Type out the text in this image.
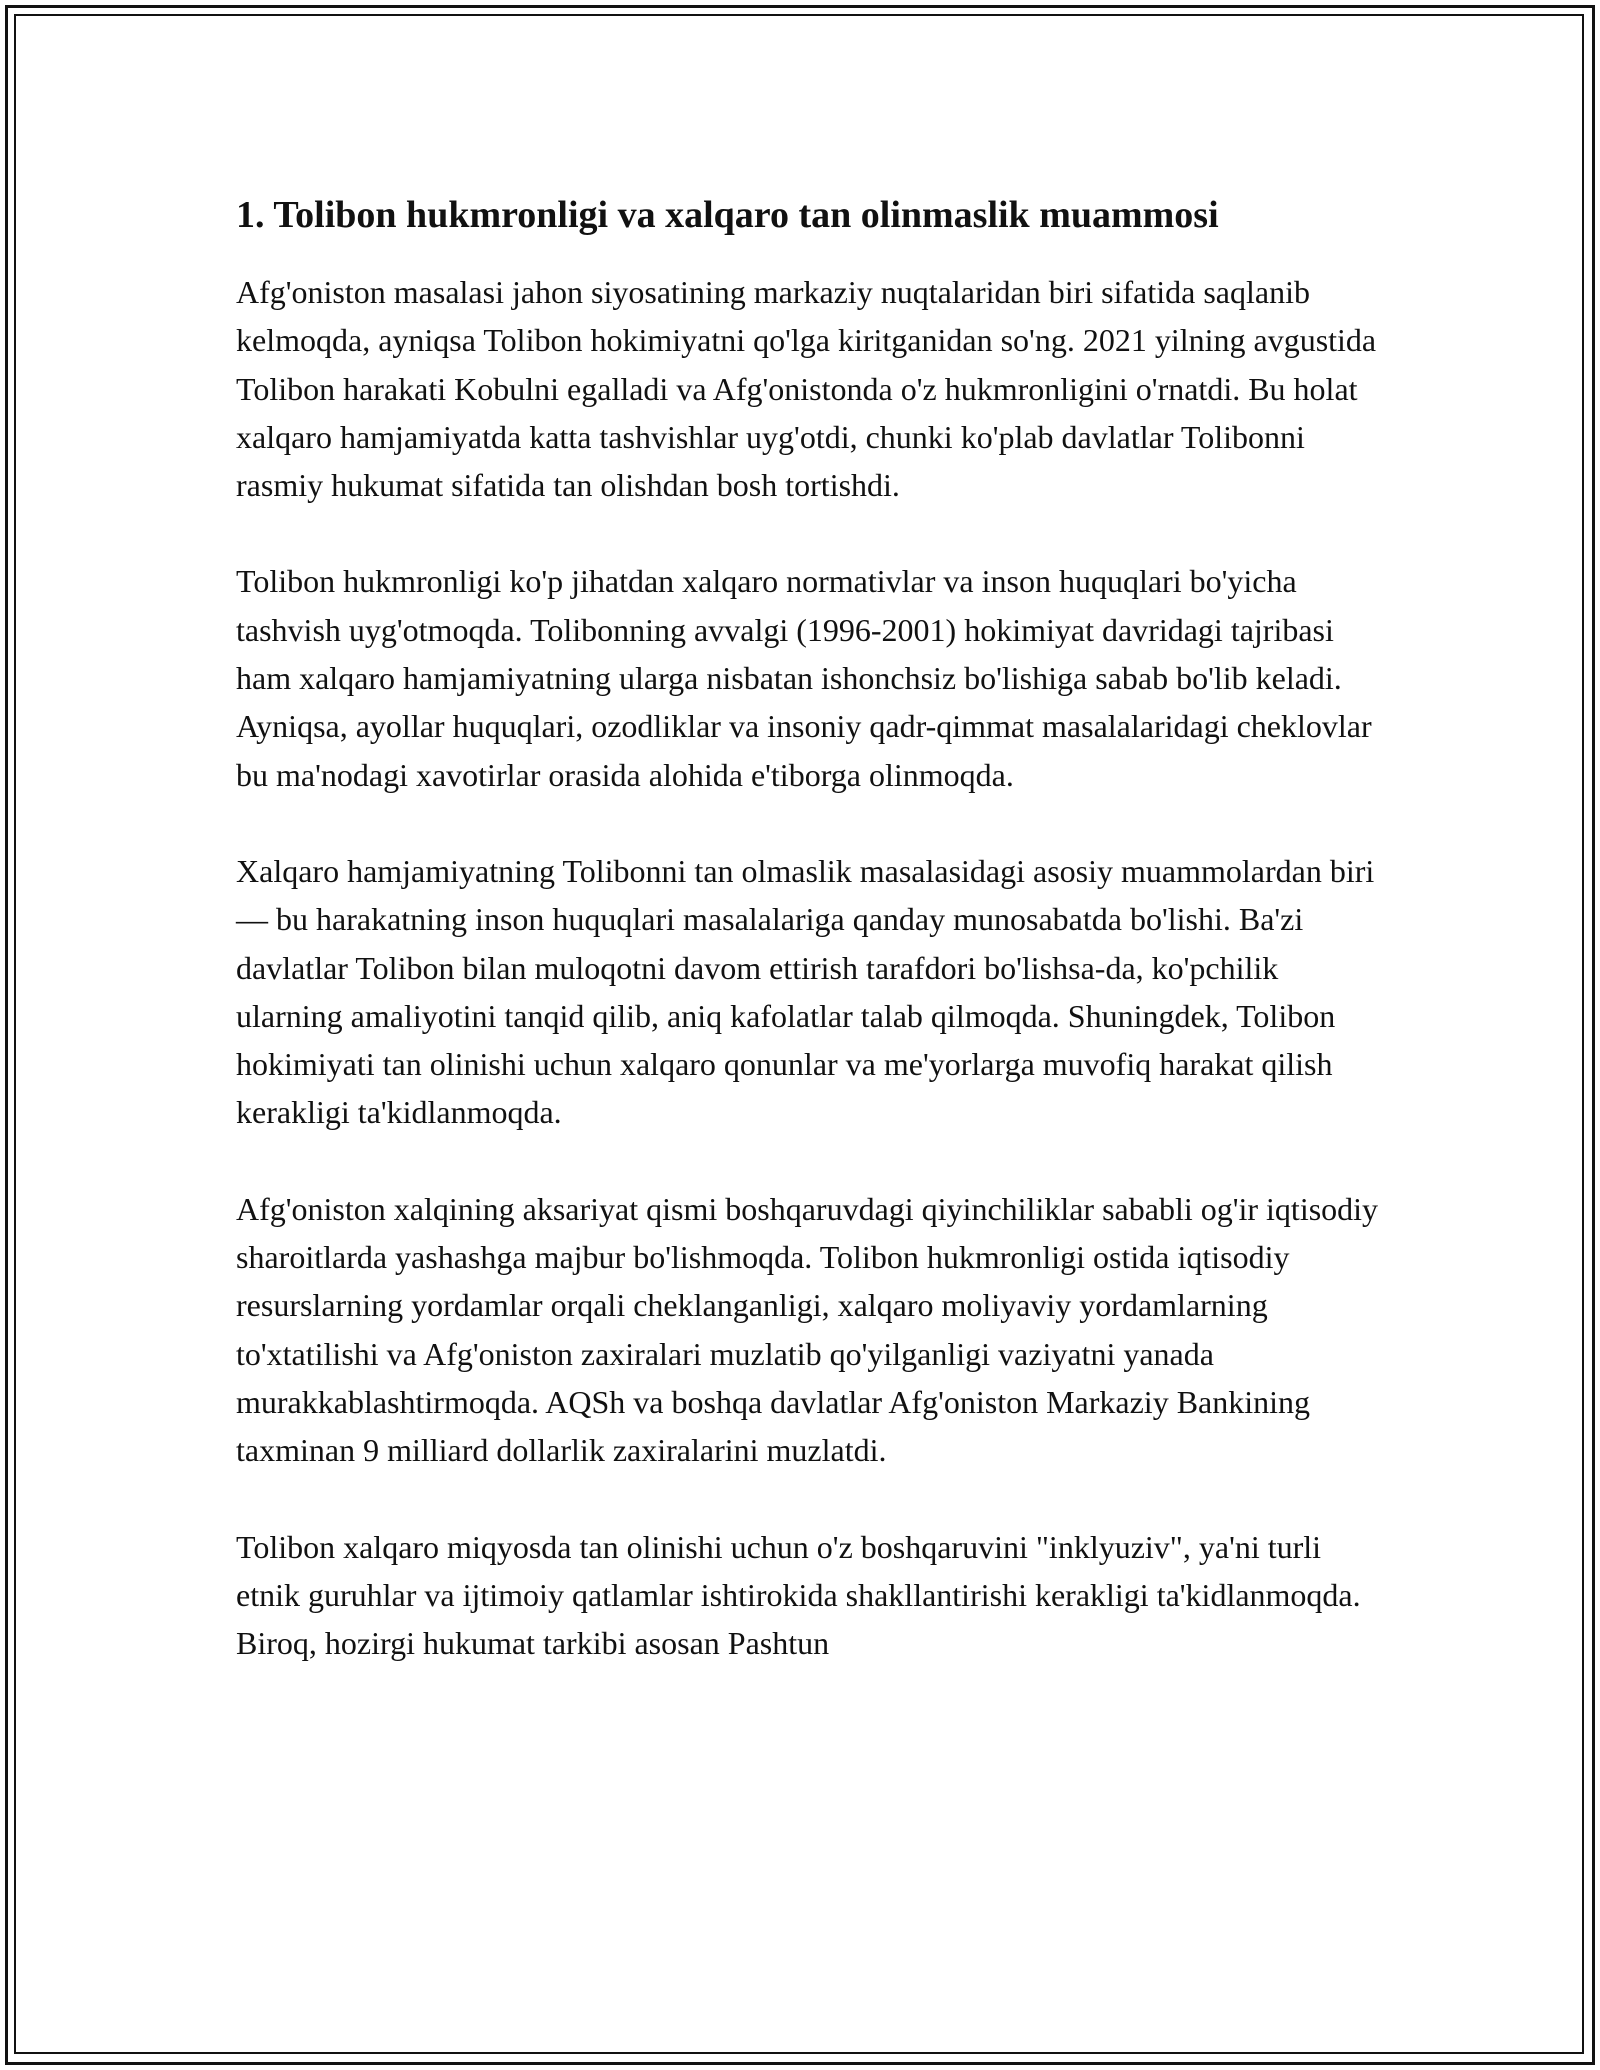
1. Tolibon hukmronligi va xalqaro tan olinmaslik muammosi

Afg'oniston masalasi jahon siyosatining markaziy nuqtalaridan biri sifatida saqlanib kelmoqda, ayniqsa Tolibon hokimiyatni qo'lga kiritganidan so'ng. 2021 yilning avgustida Tolibon harakati Kobulni egalladi va Afg'onistonda o'z hukmronligini o'rnatdi. Bu holat xalqaro hamjamiyatda katta tashvishlar uyg'otdi, chunki ko'plab davlatlar Tolibonni rasmiy hukumat sifatida tan olishdan bosh tortishdi.

Tolibon hukmronligi ko'p jihatdan xalqaro normativlar va inson huquqlari bo'yicha tashvish uyg'otmoqda. Tolibonning avvalgi (1996-2001) hokimiyat davridagi tajribasi ham xalqaro hamjamiyatning ularga nisbatan ishonchsiz bo'lishiga sabab bo'lib keladi. Ayniqsa, ayollar huquqlari, ozodliklar va insoniy qadr-qimmat masalalaridagi cheklovlar bu ma'nodagi xavotirlar orasida alohida e'tiborga olinmoqda.

Xalqaro hamjamiyatning Tolibonni tan olmaslik masalasidagi asosiy muammolardan biri — bu harakatning inson huquqlari masalalariga qanday munosabatda bo'lishi. Ba'zi davlatlar Tolibon bilan muloqotni davom ettirish tarafdori bo'lishsa-da, ko'pchilik ularning amaliyotini tanqid qilib, aniq kafolatlar talab qilmoqda. Shuningdek, Tolibon hokimiyati tan olinishi uchun xalqaro qonunlar va me'yorlarga muvofiq harakat qilish kerakligi ta'kidlanmoqda.

Afg'oniston xalqining aksariyat qismi boshqaruvdagi qiyinchiliklar sababli og'ir iqtisodiy sharoitlarda yashashga majbur bo'lishmoqda. Tolibon hukmronligi ostida iqtisodiy resurslarning yordamlar orqali cheklanganligi, xalqaro moliyaviy yordamlarning to'xtatilishi va Afg'oniston zaxiralari muzlatib qo'yilganligi vaziyatni yanada murakkablashtirmoqda. AQSh va boshqa davlatlar Afg'oniston Markaziy Bankining taxminan 9 milliard dollarlik zaxiralarini muzlatdi.

Tolibon xalqaro miqyosda tan olinishi uchun o'z boshqaruvini "inklyuziv", ya'ni turli etnik guruhlar va ijtimoiy qatlamlar ishtirokida shakllantirishi kerakligi ta'kidlanmoqda. Biroq, hozirgi hukumat tarkibi asosan Pashtun
